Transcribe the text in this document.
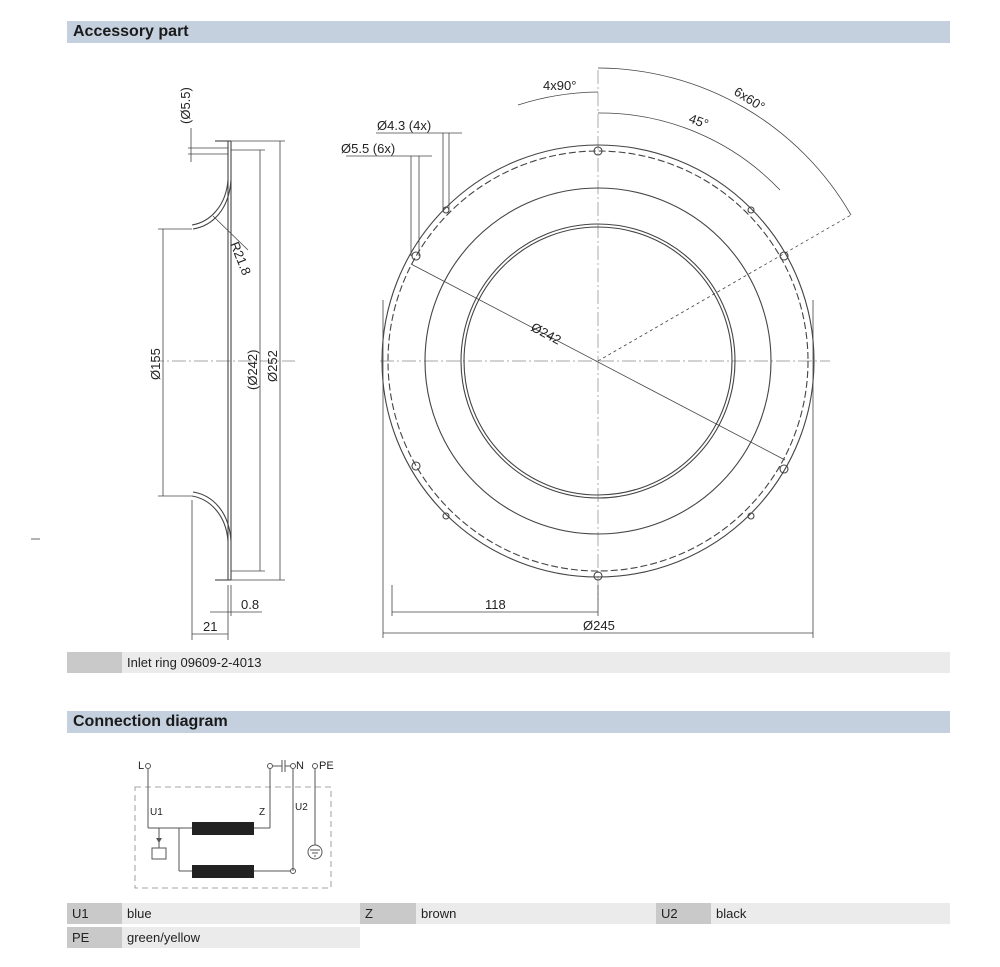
Accessory part
(Ø5.5)
R21.8
Ø155	(Ø242) Ø252
21
0.8
Ø242
Ø4.3 (4x)
Ø5.5 (6x)
4x90°	6x60°
45°
118
Ø245
Inlet ring 09609-2-4013
Connection diagram
L
U1	Z
N
U2
PE
U1	blue	Z	brown	U2	black
PE	green/yellow
